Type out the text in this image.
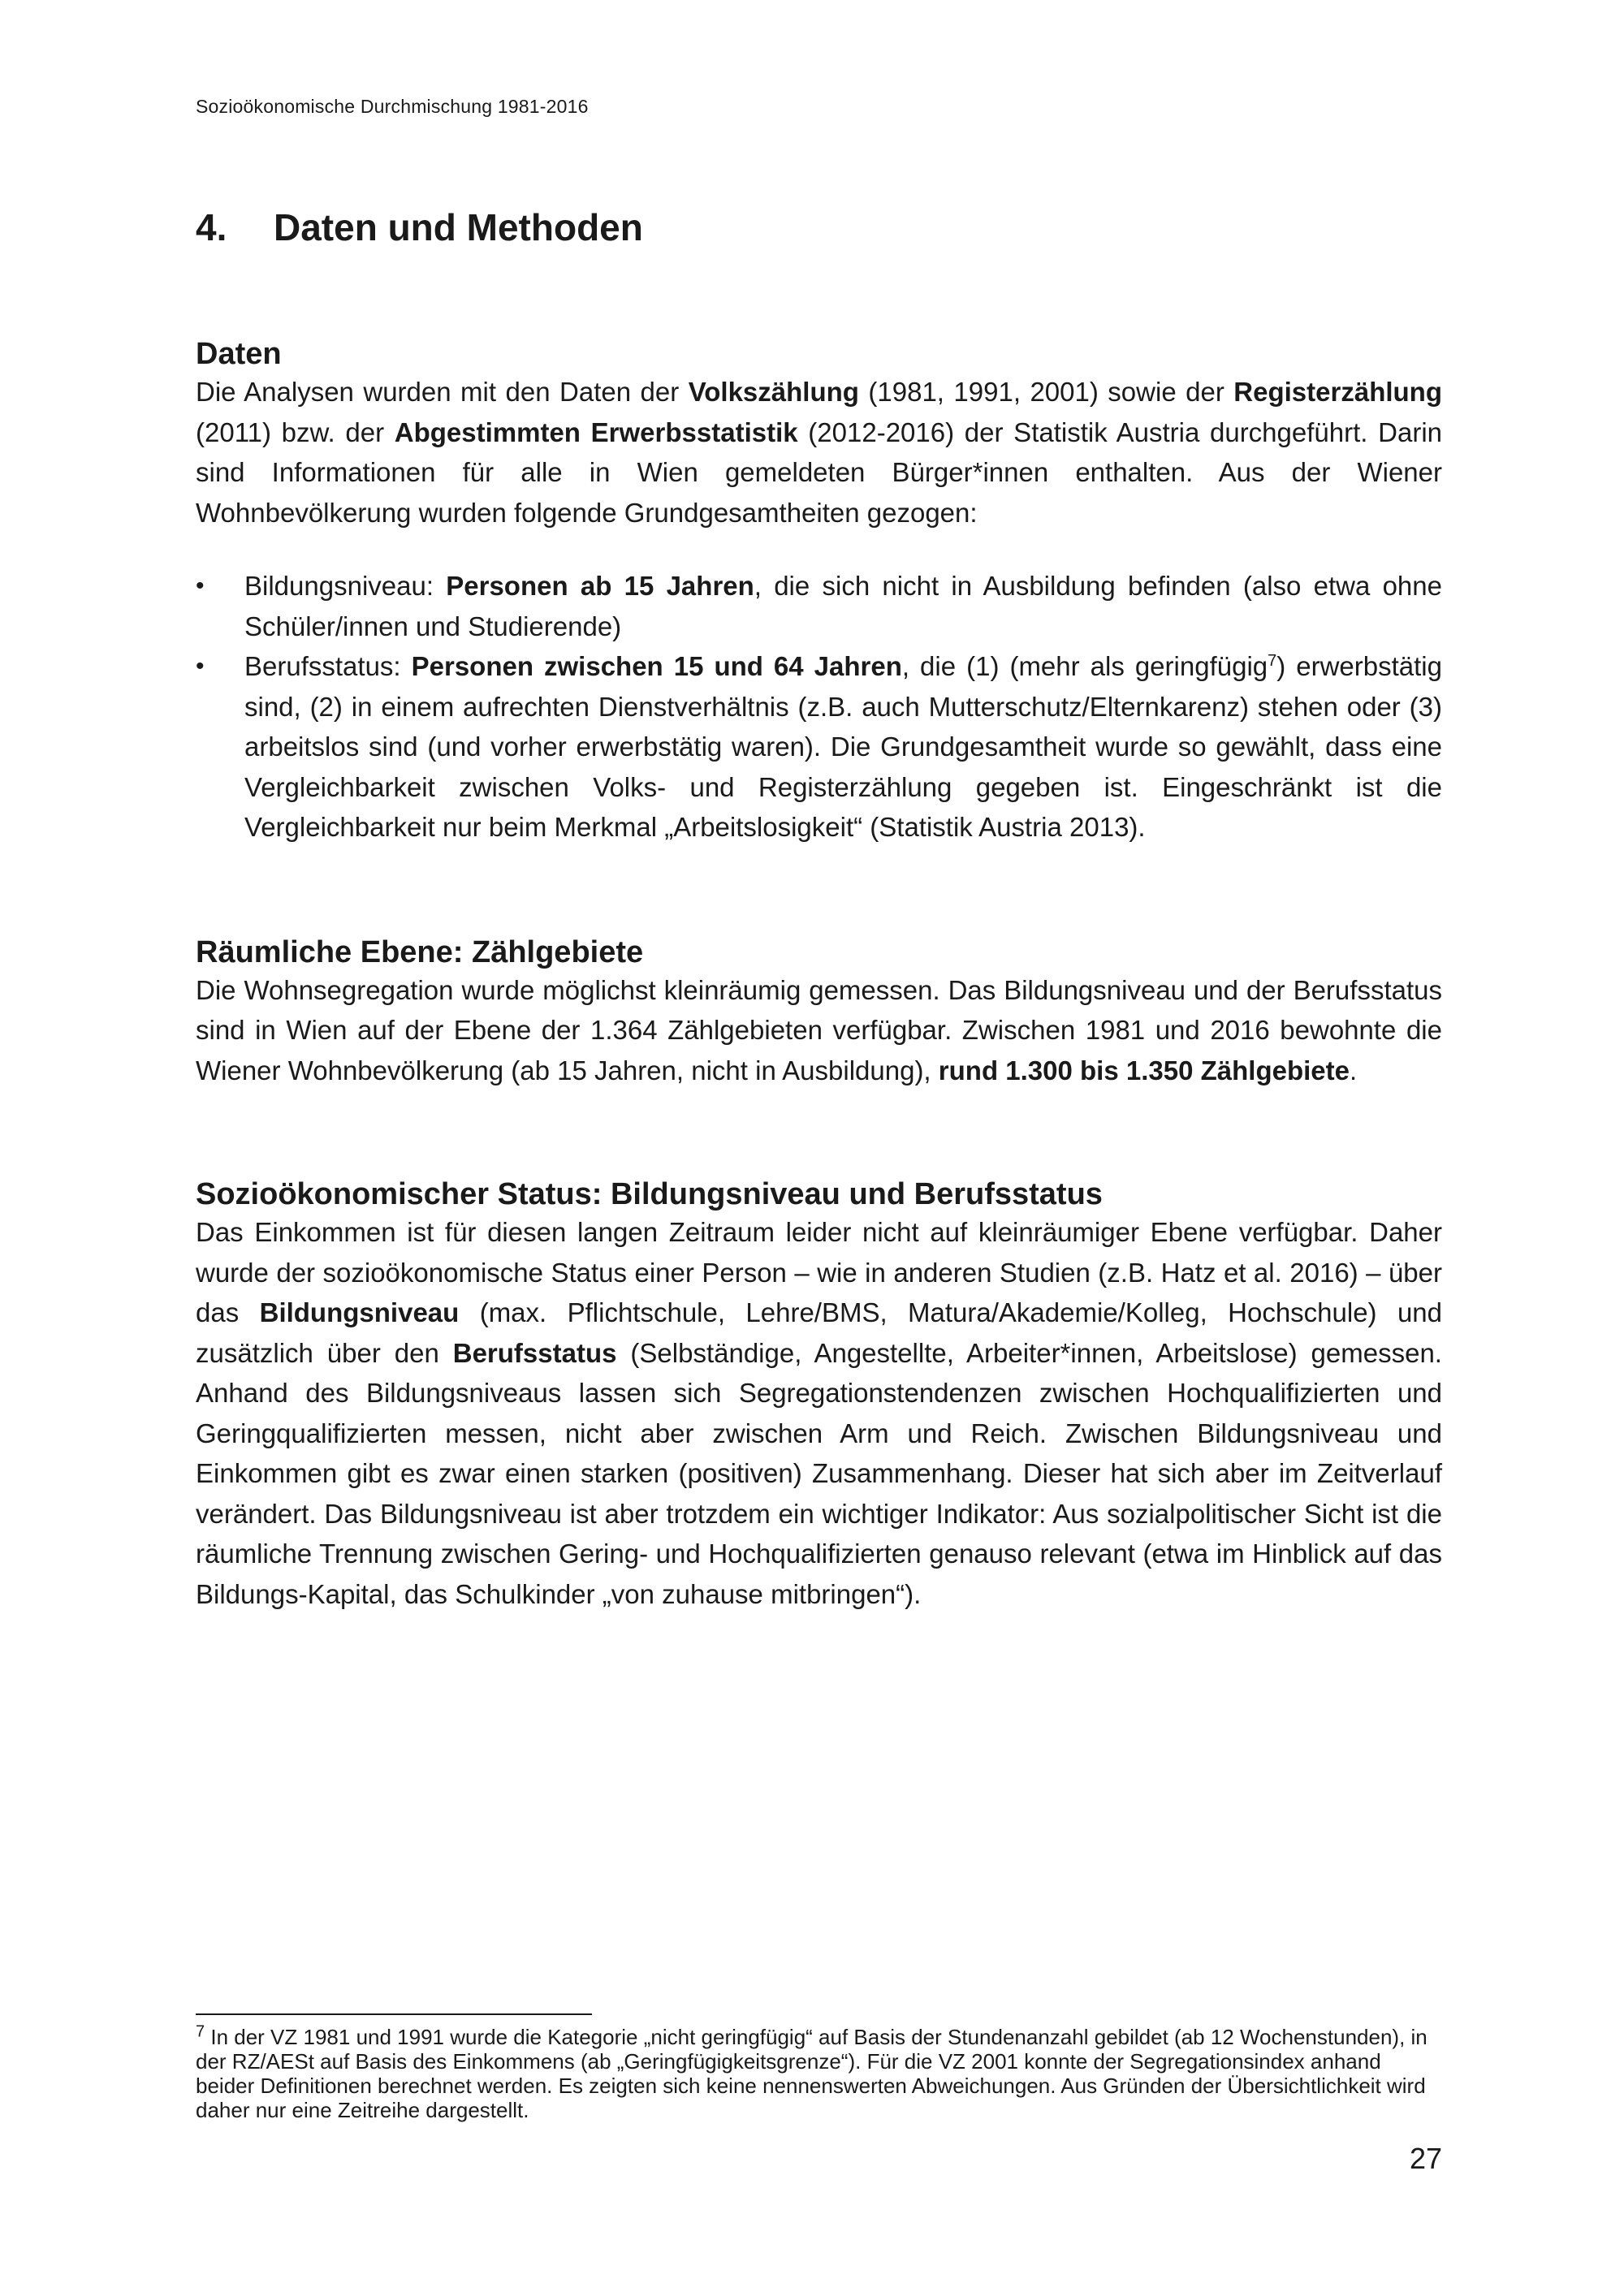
Sozioökonomische Durchmischung 1981-2016

4.	Daten und Methoden
Daten

Die Analysen wurden mit den Daten der Volkszählung (1981, 1991, 2001) sowie der Registerzählung (2011) bzw. der Abgestimmten Erwerbsstatistik (2012-2016) der Statistik Austria durchgeführt. Darin sind Informationen für alle in Wien gemeldeten Bürger*innen enthalten. Aus der Wiener Wohnbevölkerung wurden folgende Grundgesamtheiten gezogen:

• Bildungsniveau: Personen ab 15 Jahren, die sich nicht in Ausbildung befinden (also etwa ohne Schüler/innen und Studierende)
• Berufsstatus: Personen zwischen 15 und 64 Jahren, die (1) (mehr als geringfügig$^7$) erwerbstätig sind, (2) in einem aufrechten Dienstverhältnis (z.B. auch Mutterschutz/Elternkarenz) stehen oder (3) arbeitslos sind (und vorher erwerbstätig waren). Die Grundgesamtheit wurde so gewählt, dass eine Vergleichbarkeit zwischen Volks- und Registerzählung gegeben ist. Eingeschränkt ist die Vergleichbarkeit nur beim Merkmal „Arbeitslosigkeit“ (Statistik Austria 2013).
Räumliche Ebene: Zählgebiete

Die Wohnsegregation wurde möglichst kleinräumig gemessen. Das Bildungsniveau und der Berufsstatus sind in Wien auf der Ebene der 1.364 Zählgebieten verfügbar. Zwischen 1981 und 2016 bewohnte die Wiener Wohnbevölkerung (ab 15 Jahren, nicht in Ausbildung), rund 1.300 bis 1.350 Zählgebiete.

Sozioökonomischer Status: Bildungsniveau und Berufsstatus

Das Einkommen ist für diesen langen Zeitraum leider nicht auf kleinräumiger Ebene verfügbar. Daher wurde der sozioökonomische Status einer Person – wie in anderen Studien (z.B. Hatz et al. 2016) – über das Bildungsniveau (max. Pflichtschule, Lehre/BMS, Matura/Akademie/Kolleg, Hochschule) und zusätzlich über den Berufsstatus (Selbständige, Angestellte, Arbeiter*innen, Arbeitslose) gemessen. Anhand des Bildungsniveaus lassen sich Segregationstendenzen zwischen Hochqualifizierten und Geringqualifizierten messen, nicht aber zwischen Arm und Reich. Zwischen Bildungsniveau und Einkommen gibt es zwar einen starken (positiven) Zusammenhang. Dieser hat sich aber im Zeitverlauf verändert. Das Bildungsniveau ist aber trotzdem ein wichtiger Indikator: Aus sozialpolitischer Sicht ist die räumliche Trennung zwischen Gering- und Hochqualifizierten genauso relevant (etwa im Hinblick auf das Bildungs-Kapital, das Schulkinder „von zuhause mitbringen“).

$^7$ In der VZ 1981 und 1991 wurde die Kategorie „nicht geringfügig“ auf Basis der Stundenanzahl gebildet (ab 12 Wochenstunden), in der RZ/AESt auf Basis des Einkommens (ab „Geringfügigkeitsgrenze“). Für die VZ 2001 konnte der Segregationsindex anhand beider Definitionen berechnet werden. Es zeigten sich keine nennenswerten Abweichungen. Aus Gründen der Übersichtlichkeit wird daher nur eine Zeitreihe dargestellt.

27
